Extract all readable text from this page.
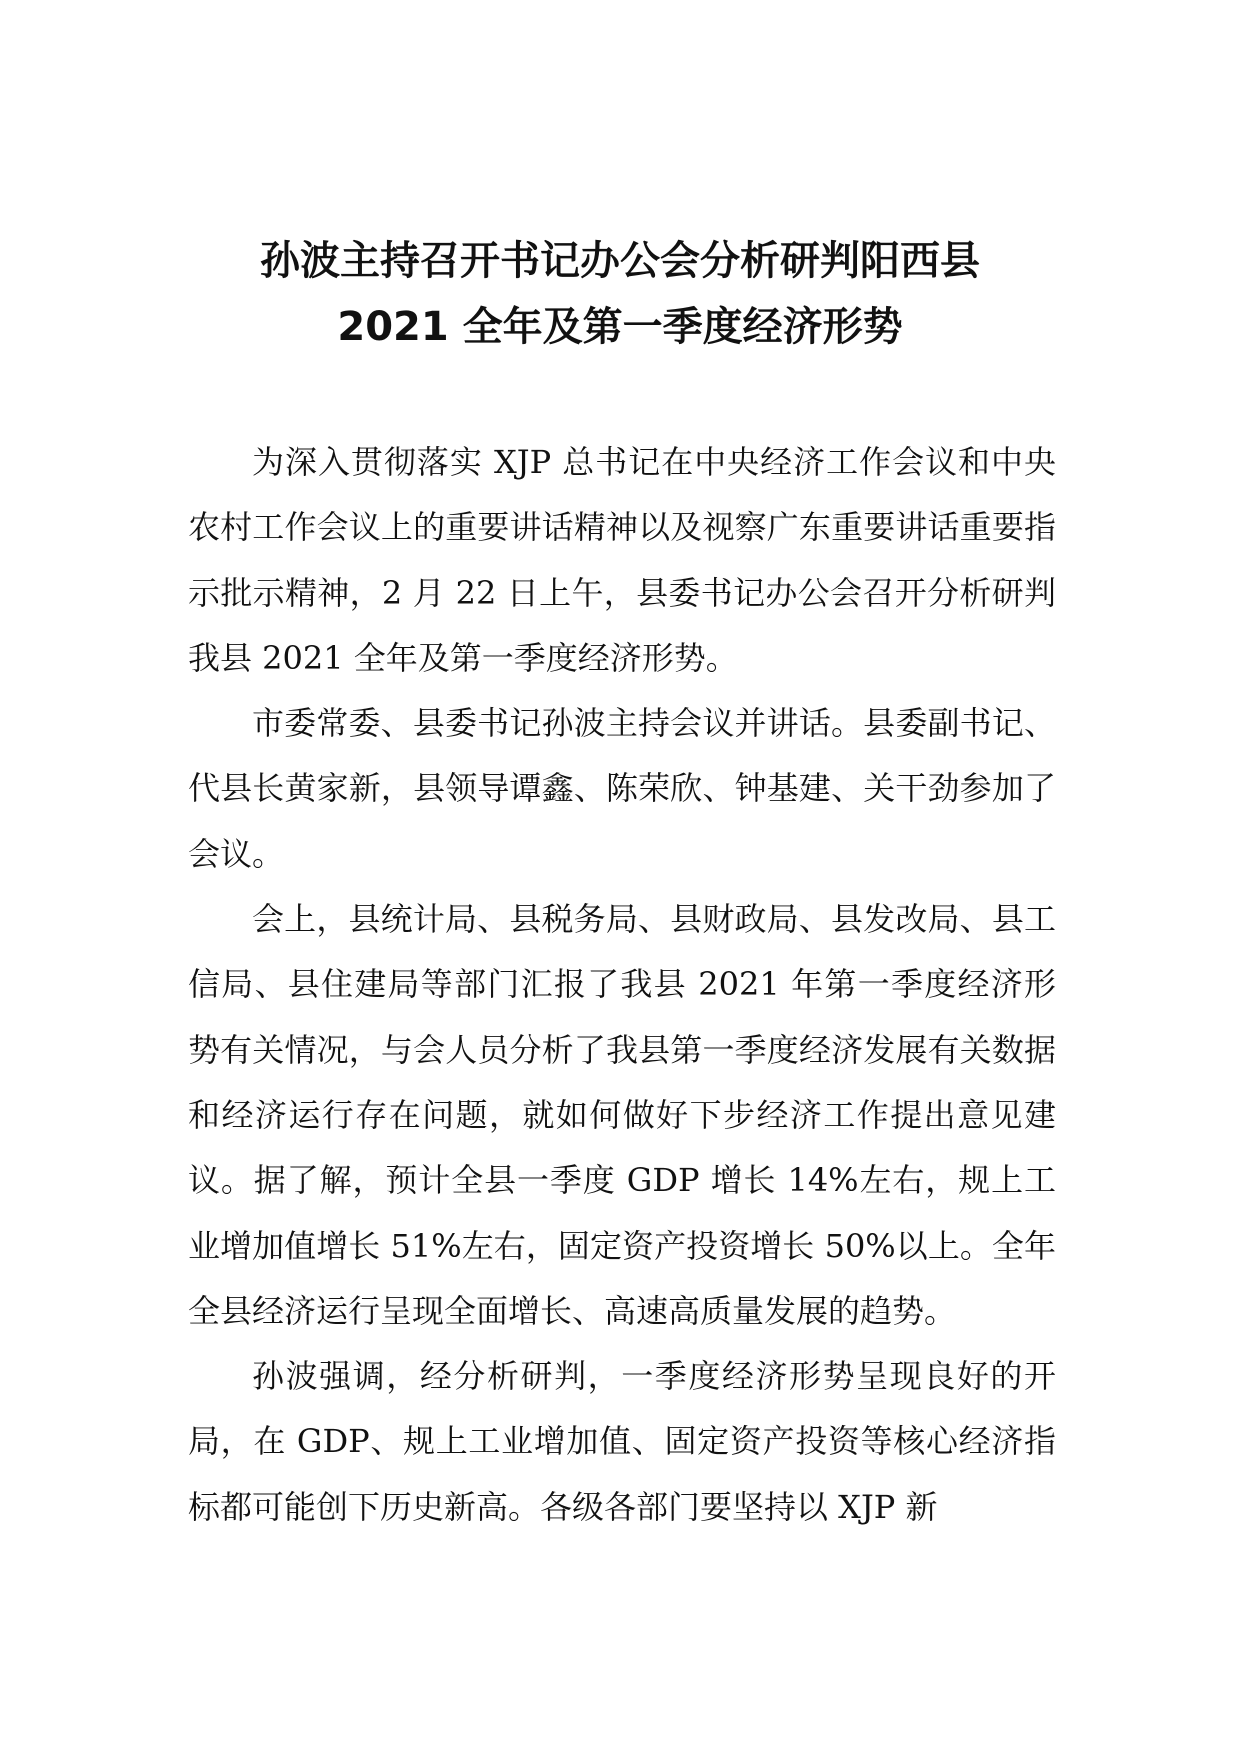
孙波主持召开书记办公会分析研判阳西县
2021 全年及第一季度经济形势

为深入贯彻落实 XJP 总书记在中央经济工作会议和中央农村工作会议上的重要讲话精神以及视察广东重要讲话重要指示批示精神，2 月 22 日上午，县委书记办公会召开分析研判我县 2021 全年及第一季度经济形势。

市委常委、县委书记孙波主持会议并讲话。县委副书记、代县长黄家新，县领导谭鑫、陈荣欣、钟基建、关干劲参加了会议。

会上，县统计局、县税务局、县财政局、县发改局、县工信局、县住建局等部门汇报了我县 2021 年第一季度经济形势有关情况，与会人员分析了我县第一季度经济发展有关数据和经济运行存在问题，就如何做好下步经济工作提出意见建议。据了解，预计全县一季度 GDP 增长 14%左右，规上工业增加值增长 51%左右，固定资产投资增长 50%以上。全年全县经济运行呈现全面增长、高速高质量发展的趋势。

孙波强调，经分析研判，一季度经济形势呈现良好的开局，在 GDP、规上工业增加值、固定资产投资等核心经济指标都可能创下历史新高。各级各部门要坚持以 XJP 新
